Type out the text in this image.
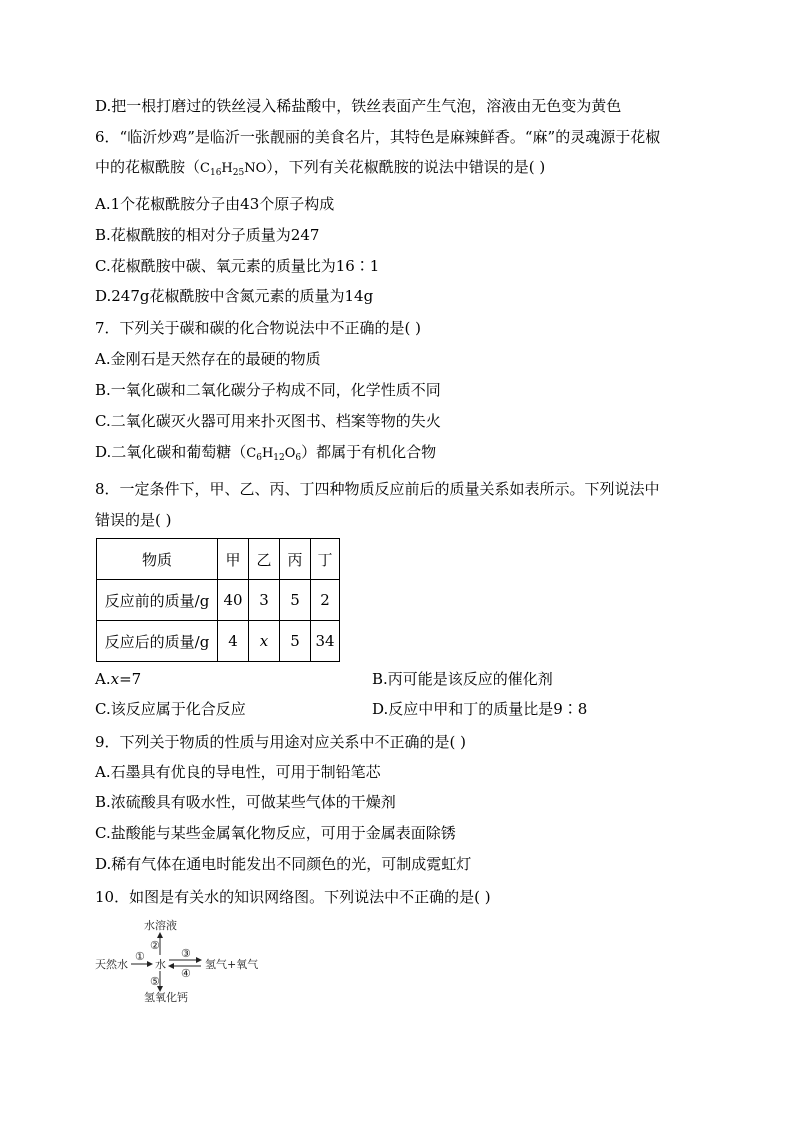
D.把一根打磨过的铁丝浸入稀盐酸中，铁丝表面产生气泡，溶液由无色变为黄色
6．“临沂炒鸡”是临沂一张靓丽的美食名片，其特色是麻辣鲜香。“麻”的灵魂源于花椒
中的花椒酰胺$(C_{16}H_{25}NO)$，下列有关花椒酰胺的说法中错误的是( )
A.1个花椒酰胺分子由43个原子构成
B.花椒酰胺的相对分子质量为247
C.花椒酰胺中碳、氧元素的质量比为16∶1
D.247g花椒酰胺中含氮元素的质量为14g
7．下列关于碳和碳的化合物说法中不正确的是( )
A.金刚石是天然存在的最硬的物质
B.一氧化碳和二氧化碳分子构成不同，化学性质不同
C.二氧化碳灭火器可用来扑灭图书、档案等物的失火
D.二氧化碳和葡萄糖$(C_6H_{12}O_6)$都属于有机化合物
8．一定条件下，甲、乙、丙、丁四种物质反应前后的质量关系如表所示。下列说法中
错误的是( )
物质	甲	乙	丙	丁
反应前的质量/g	40	3	5	2
反应后的质量/g	4	x	5	34
A.x=7	B.丙可能是该反应的催化剂
C.该反应属于化合反应	D.反应中甲和丁的质量比是9∶8
9．下列关于物质的性质与用途对应关系中不正确的是( )
A.石墨具有优良的导电性，可用于制铅笔芯
B.浓硫酸具有吸水性，可做某些气体的干燥剂
C.盐酸能与某些金属氧化物反应，可用于金属表面除锈
D.稀有气体在通电时能发出不同颜色的光，可制成霓虹灯
10．如图是有关水的知识网络图。下列说法中不正确的是( )
水溶液
天然水 水	氢气+氧气
氢氧化钙
①
②
③
④
⑤
